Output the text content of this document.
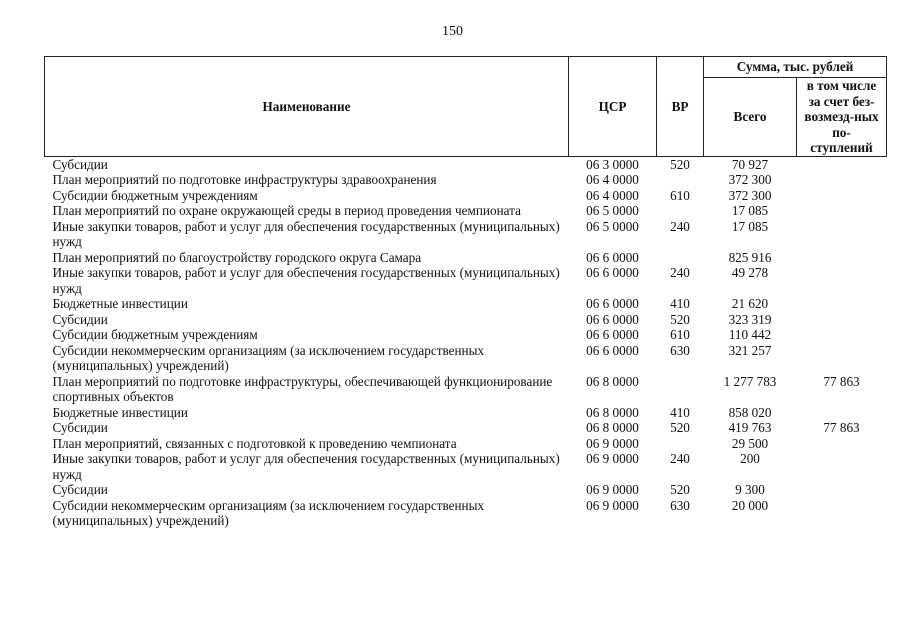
150
Наименование	ЦСР	ВР	Сумма, тыс. рублей	
			Всего	в том числе за счет без-возмезд-ных по-ступлений

Субсидии	06 3 0000	520	70 927	
План мероприятий по подготовке инфраструктуры здравоохранения	06 4 0000		372 300	
Субсидии бюджетным учреждениям	06 4 0000	610	372 300	
План мероприятий по охране окружающей среды в период проведения чемпионата	06 5 0000		17 085	
Иные закупки товаров, работ и услуг для обеспечения государственных (муниципальных) нужд	06 5 0000	240	17 085	
План мероприятий по благоустройству городского округа Самара	06 6 0000		825 916	
Иные закупки товаров, работ и услуг для обеспечения государственных (муниципальных) нужд	06 6 0000	240	49 278	
Бюджетные инвестиции	06 6 0000	410	21 620	
Субсидии	06 6 0000	520	323 319	
Субсидии бюджетным учреждениям	06 6 0000	610	110 442	
Субсидии некоммерческим организациям (за исключением государственных (муниципальных) учреждений)	06 6 0000	630	321 257	
План мероприятий по подготовке инфраструктуры, обеспечивающей функционирование спортивных объектов	06 8 0000		1 277 783	77 863
Бюджетные инвестиции	06 8 0000	410	858 020	
Субсидии	06 8 0000	520	419 763	77 863
План мероприятий, связанных с подготовкой к проведению чемпионата	06 9 0000		29 500	
Иные закупки товаров, работ и услуг для обеспечения государственных (муниципальных) нужд	06 9 0000	240	200	
Субсидии	06 9 0000	520	9 300	
Субсидии некоммерческим организациям (за исключением государственных (муниципальных) учреждений)	06 9 0000	630	20 000	
